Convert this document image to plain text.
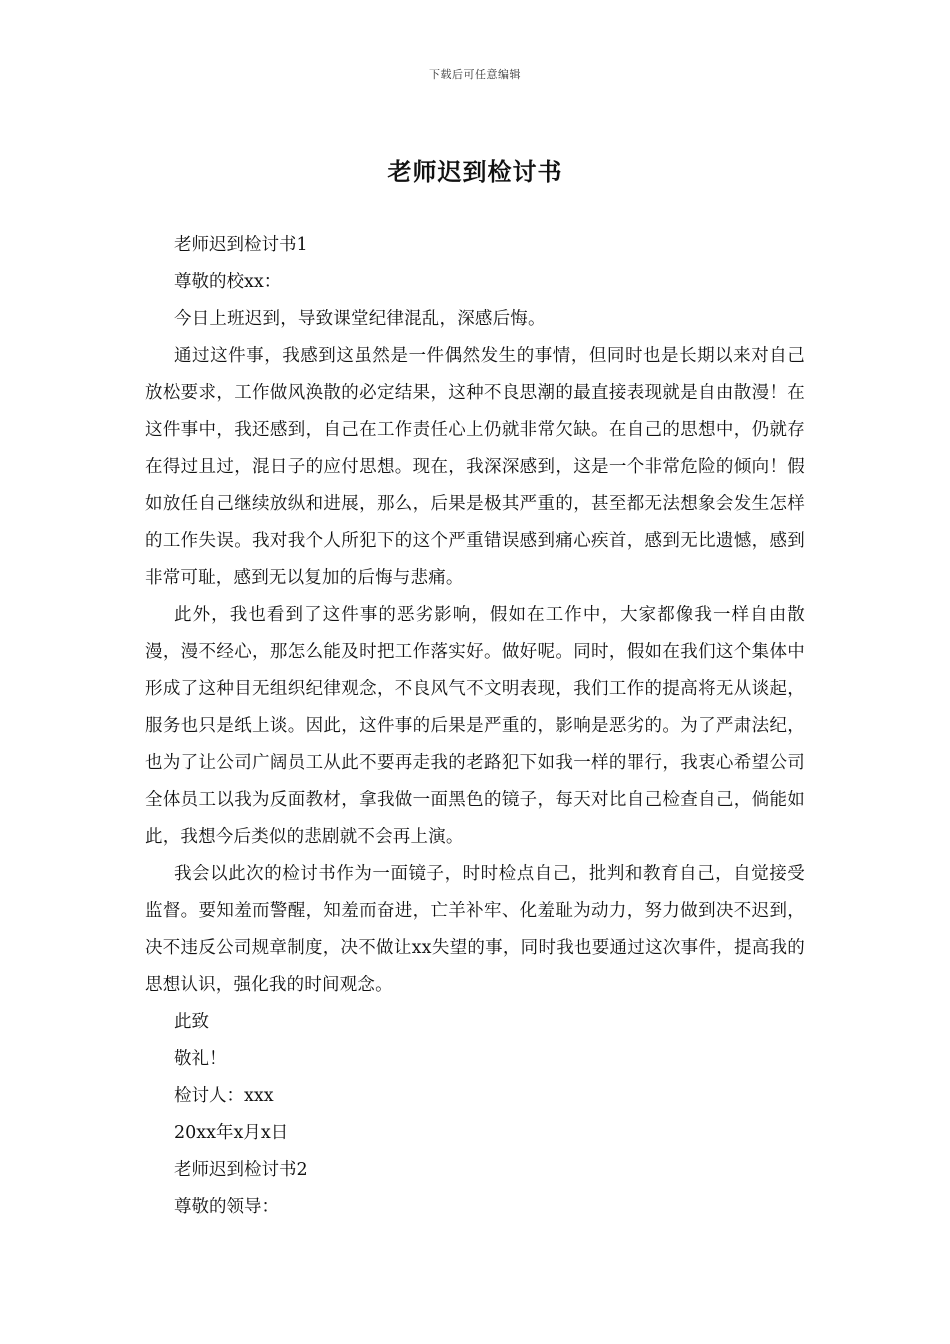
下载后可任意编辑
老师迟到检讨书

老师迟到检讨书1

尊敬的校xx：

今日上班迟到，导致课堂纪律混乱，深感后悔。

通过这件事，我感到这虽然是一件偶然发生的事情，但同时也是长期以来对自己放松要求，工作做风涣散的必定结果，这种不良思潮的最直接表现就是自由散漫！在这件事中，我还感到，自己在工作责任心上仍就非常欠缺。在自己的思想中，仍就存在得过且过，混日子的应付思想。现在，我深深感到，这是一个非常危险的倾向！假如放任自己继续放纵和进展，那么，后果是极其严重的，甚至都无法想象会发生怎样的工作失误。我对我个人所犯下的这个严重错误感到痛心疾首，感到无比遗憾，感到非常可耻，感到无以复加的后悔与悲痛。

此外，我也看到了这件事的恶劣影响，假如在工作中，大家都像我一样自由散漫，漫不经心，那怎么能及时把工作落实好。做好呢。同时，假如在我们这个集体中形成了这种目无组织纪律观念，不良风气不文明表现，我们工作的提高将无从谈起，服务也只是纸上谈。因此，这件事的后果是严重的，影响是恶劣的。为了严肃法纪，也为了让公司广阔员工从此不要再走我的老路犯下如我一样的罪行，我衷心希望公司全体员工以我为反面教材，拿我做一面黑色的镜子，每天对比自己检查自己，倘能如此，我想今后类似的悲剧就不会再上演。

我会以此次的检讨书作为一面镜子，时时检点自己，批判和教育自己，自觉接受监督。要知羞而警醒，知羞而奋进，亡羊补牢、化羞耻为动力，努力做到决不迟到，决不违反公司规章制度，决不做让xx失望的事，同时我也要通过这次事件，提高我的思想认识，强化我的时间观念。

此致

敬礼！

检讨人：xxx

20xx年x月x日

老师迟到检讨书2

尊敬的领导：
